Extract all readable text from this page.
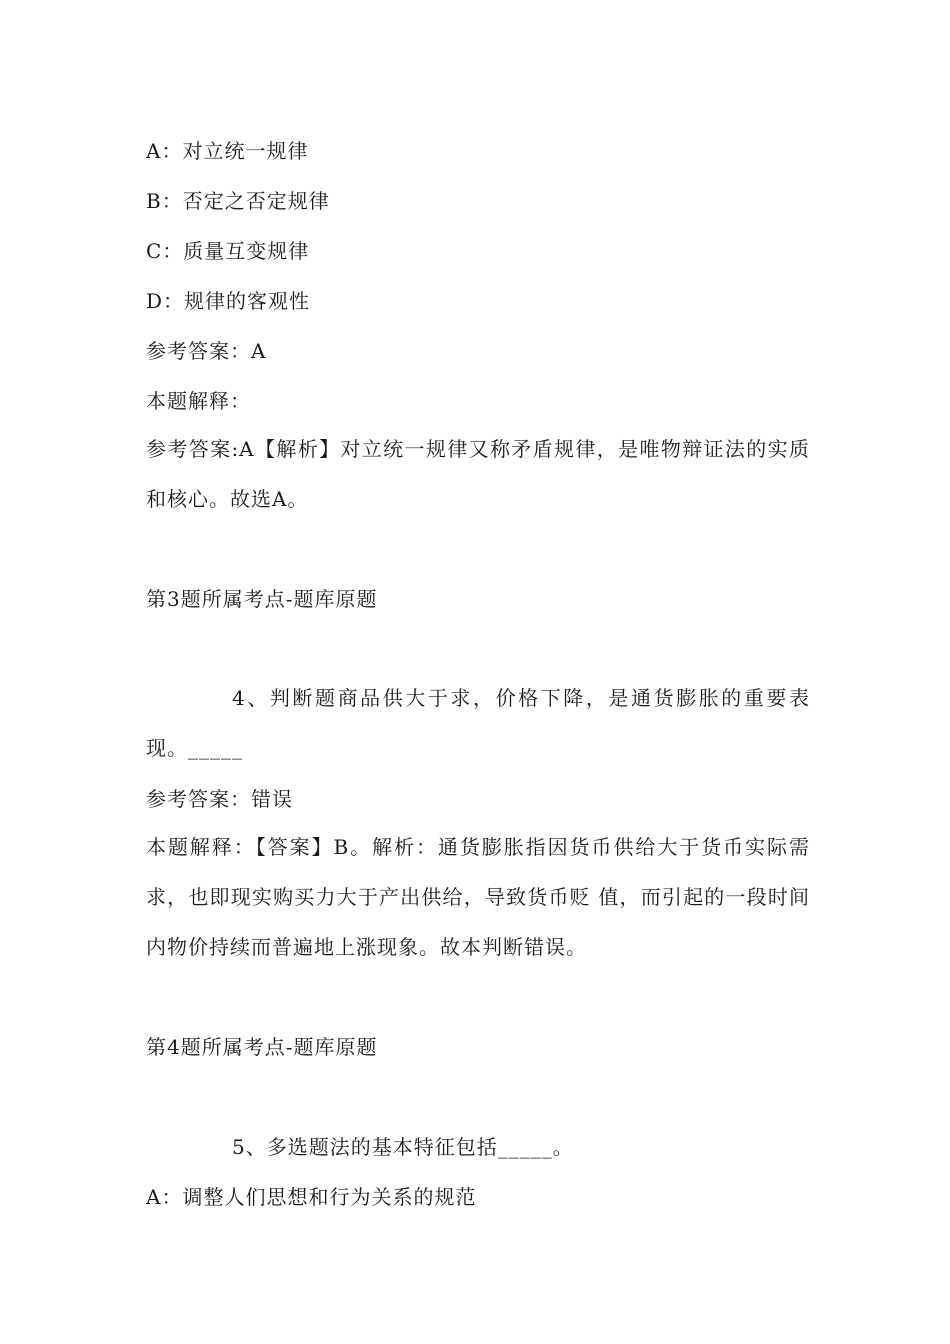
A：对立统一规律
B：否定之否定规律
C：质量互变规律
D：规律的客观性
参考答案：A
本题解释：
参考答案:A【解析】对立统一规律又称矛盾规律，是唯物辩证法的实质和核心。故选A。
第3题所属考点-题库原题
4、判断题商品供大于求，价格下降，是通货膨胀的重要表现。_____
参考答案：错误
本题解释：【答案】B。解析：通货膨胀指因货币供给大于货币实际需求，也即现实购买力大于产出供给，导致货币贬 值，而引起的一段时间内物价持续而普遍地上涨现象。故本判断错误。
第4题所属考点-题库原题
5、多选题法的基本特征包括_____。
A：调整人们思想和行为关系的规范
